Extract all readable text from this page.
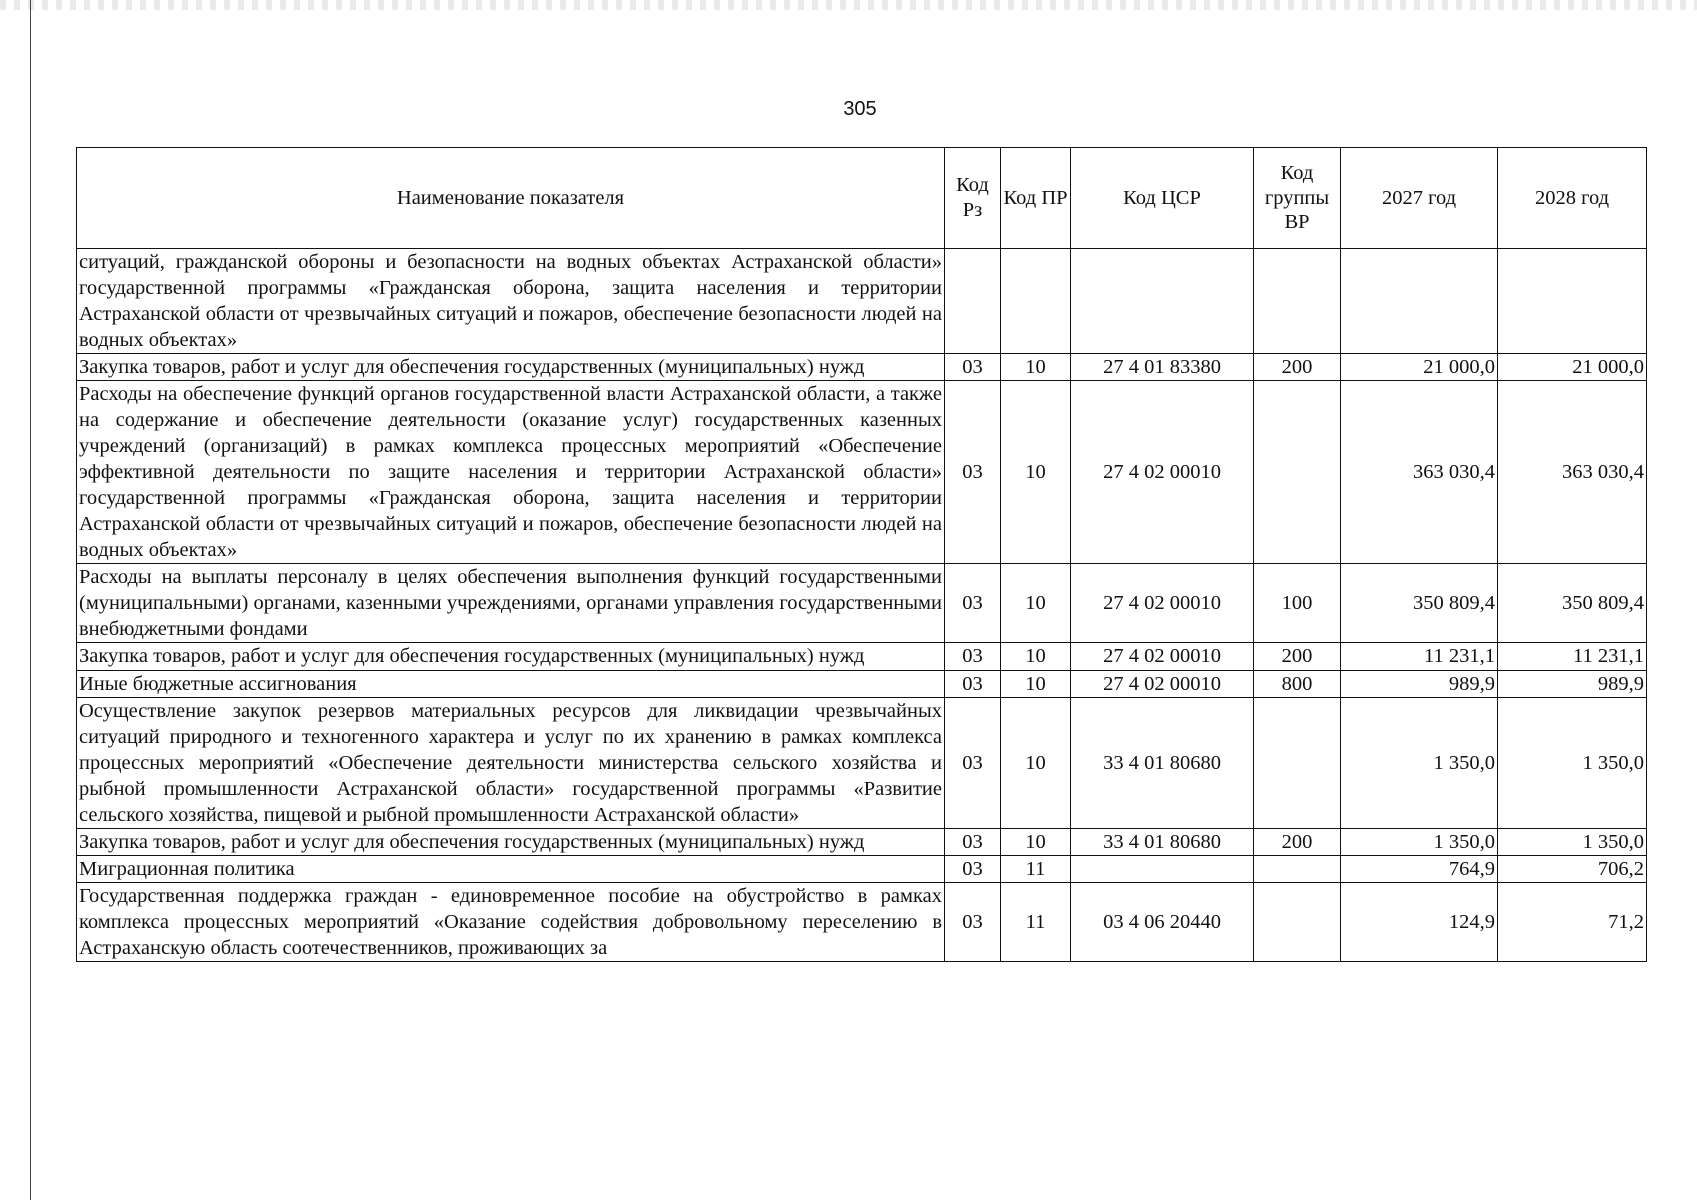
305
Наименование показателя	Код Рз	Код ПР	Код ЦСР	Код группы ВР	2027 год	2028 год
ситуаций, гражданской обороны и безопасности на водных объектах Астраханской области» государственной программы «Гражданская оборона, защита населения и территории Астраханской области от чрезвычайных ситуаций и пожаров, обеспечение безопасности людей на водных объектах»						
Закупка товаров, работ и услуг для обеспечения государственных (муниципальных) нужд	03	10	27 4 01 83380	200	21 000,0	21 000,0
Расходы на обеспечение функций органов государственной власти Астраханской области, а также на содержание и обеспечение деятельности (оказание услуг) государственных казенных учреждений (организаций) в рамках комплекса процессных мероприятий «Обеспечение эффективной деятельности по защите населения и территории Астраханской области» государственной программы «Гражданская оборона, защита населения и территории Астраханской области от чрезвычайных ситуаций и пожаров, обеспечение безопасности людей на водных объектах»	03	10	27 4 02 00010		363 030,4	363 030,4
Расходы на выплаты персоналу в целях обеспечения выполнения функций государственными (муниципальными) органами, казенными учреждениями, органами управления государственными внебюджетными фондами	03	10	27 4 02 00010	100	350 809,4	350 809,4
Закупка товаров, работ и услуг для обеспечения государственных (муниципальных) нужд	03	10	27 4 02 00010	200	11 231,1	11 231,1
Иные бюджетные ассигнования	03	10	27 4 02 00010	800	989,9	989,9
Осуществление закупок резервов материальных ресурсов для ликвидации чрезвычайных ситуаций природного и техногенного характера и услуг по их хранению в рамках комплекса процессных мероприятий «Обеспечение деятельности министерства сельского хозяйства и рыбной промышленности Астраханской области» государственной программы «Развитие сельского хозяйства, пищевой и рыбной промышленности Астраханской области»	03	10	33 4 01 80680		1 350,0	1 350,0
Закупка товаров, работ и услуг для обеспечения государственных (муниципальных) нужд	03	10	33 4 01 80680	200	1 350,0	1 350,0
Миграционная политика	03	11			764,9	706,2
Государственная поддержка граждан - единовременное пособие на обустройство в рамках комплекса процессных мероприятий «Оказание содействия добровольному переселению в Астраханскую область соотечественников, проживающих за	03	11	03 4 06 20440		124,9	71,2
